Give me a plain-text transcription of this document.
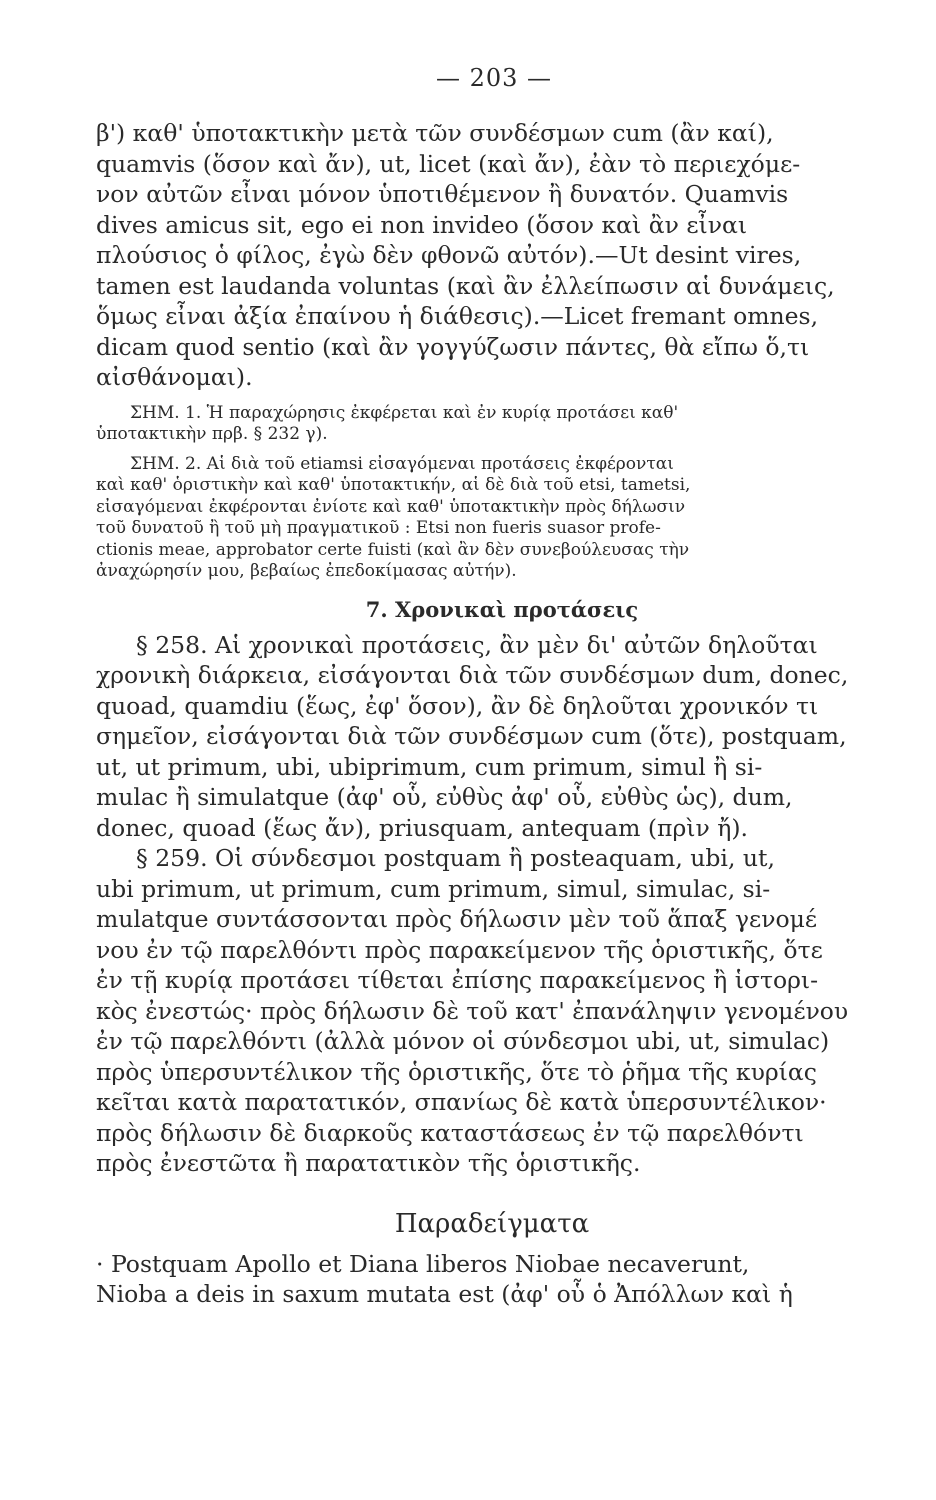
— 203 —

β') καθ' ὑποτακτικὴν μετὰ τῶν συνδέσμων cum (ἂν καί),
quamvis (ὅσον καὶ ἄν), ut, licet (καὶ ἄν), ἐὰν τὸ περιεχόμε-
νον αὐτῶν εἶναι μόνον ὑποτιθέμενον ἢ δυνατόν. Quamvis
dives amicus sit, ego ei non invideo (ὅσον καὶ ἂν εἶναι
πλούσιος ὁ φίλος, ἐγὼ δὲν φθονῶ αὐτόν).—Ut desint vires,
tamen est laudanda voluntas (καὶ ἂν ἐλλείπωσιν αἱ δυνάμεις,
ὅμως εἶναι ἀξία ἐπαίνου ἡ διάθεσις).—Licet fremant omnes,
dicam quod sentio (καὶ ἂν γογγύζωσιν πάντες, θὰ εἴπω ὅ,τι
αἰσθάνομαι).

ΣΗΜ. 1. Ἡ παραχώρησις ἐκφέρεται καὶ ἐν κυρίᾳ προτάσει καθ'
ὑποτακτικὴν πρβ. § 232 γ).

ΣΗΜ. 2. Αἱ διὰ τοῦ etiamsi εἰσαγόμεναι προτάσεις ἐκφέρονται
καὶ καθ' ὁριστικὴν καὶ καθ' ὑποτακτικήν, αἱ δὲ διὰ τοῦ etsi, tametsi,
εἰσαγόμεναι ἐκφέρονται ἐνίοτε καὶ καθ' ὑποτακτικὴν πρὸς δήλωσιν
τοῦ δυνατοῦ ἢ τοῦ μὴ πραγματικοῦ : Etsi non fueris suasor profe-
ctionis meae, approbator certe fuisti (καὶ ἂν δὲν συνεβούλευσας τὴν
ἀναχώρησίν μου, βεβαίως ἐπεδοκίμασας αὐτήν).

7. Χρονικαὶ προτάσεις

§ 258. Αἱ χρονικαὶ προτάσεις, ἂν μὲν δι' αὐτῶν δηλοῦται
χρονικὴ διάρκεια, εἰσάγονται διὰ τῶν συνδέσμων dum, donec,
quoad, quamdiu (ἕως, ἐφ' ὅσον), ἂν δὲ δηλοῦται χρονικόν τι
σημεῖον, εἰσάγονται διὰ τῶν συνδέσμων cum (ὅτε), postquam,
ut, ut primum, ubi, ubiprimum, cum primum, simul ἢ si-
mulac ἢ simulatque (ἀφ' οὗ, εὐθὺς ἀφ' οὗ, εὐθὺς ὡς), dum,
donec, quoad (ἕως ἄν), priusquam, antequam (πρὶν ἤ).

§ 259. Οἱ σύνδεσμοι postquam ἢ posteaquam, ubi, ut,
ubi primum, ut primum, cum primum, simul, simulac, si-
mulatque συντάσσονται πρὸς δήλωσιν μὲν τοῦ ἅπαξ γενομέ
νου ἐν τῷ παρελθόντι πρὸς παρακείμενον τῆς ὁριστικῆς, ὅτε
ἐν τῇ κυρίᾳ προτάσει τίθεται ἐπίσης παρακείμενος ἢ ἱστορι-
κὸς ἐνεστώς· πρὸς δήλωσιν δὲ τοῦ κατ' ἐπανάληψιν γενομένου
ἐν τῷ παρελθόντι (ἀλλὰ μόνον οἱ σύνδεσμοι ubi, ut, simulac)
πρὸς ὑπερσυντέλικον τῆς ὁριστικῆς, ὅτε τὸ ῥῆμα τῆς κυρίας
κεῖται κατὰ παρατατικόν, σπανίως δὲ κατὰ ὑπερσυντέλικον·
πρὸς δήλωσιν δὲ διαρκοῦς καταστάσεως ἐν τῷ παρελθόντι
πρὸς ἐνεστῶτα ἢ παρατατικὸν τῆς ὁριστικῆς.

Παραδείγματα

· Postquam Apollo et Diana liberos Niobae necaverunt,
Nioba a deis in saxum mutata est (ἀφ' οὗ ὁ Ἀπόλλων καὶ ἡ
